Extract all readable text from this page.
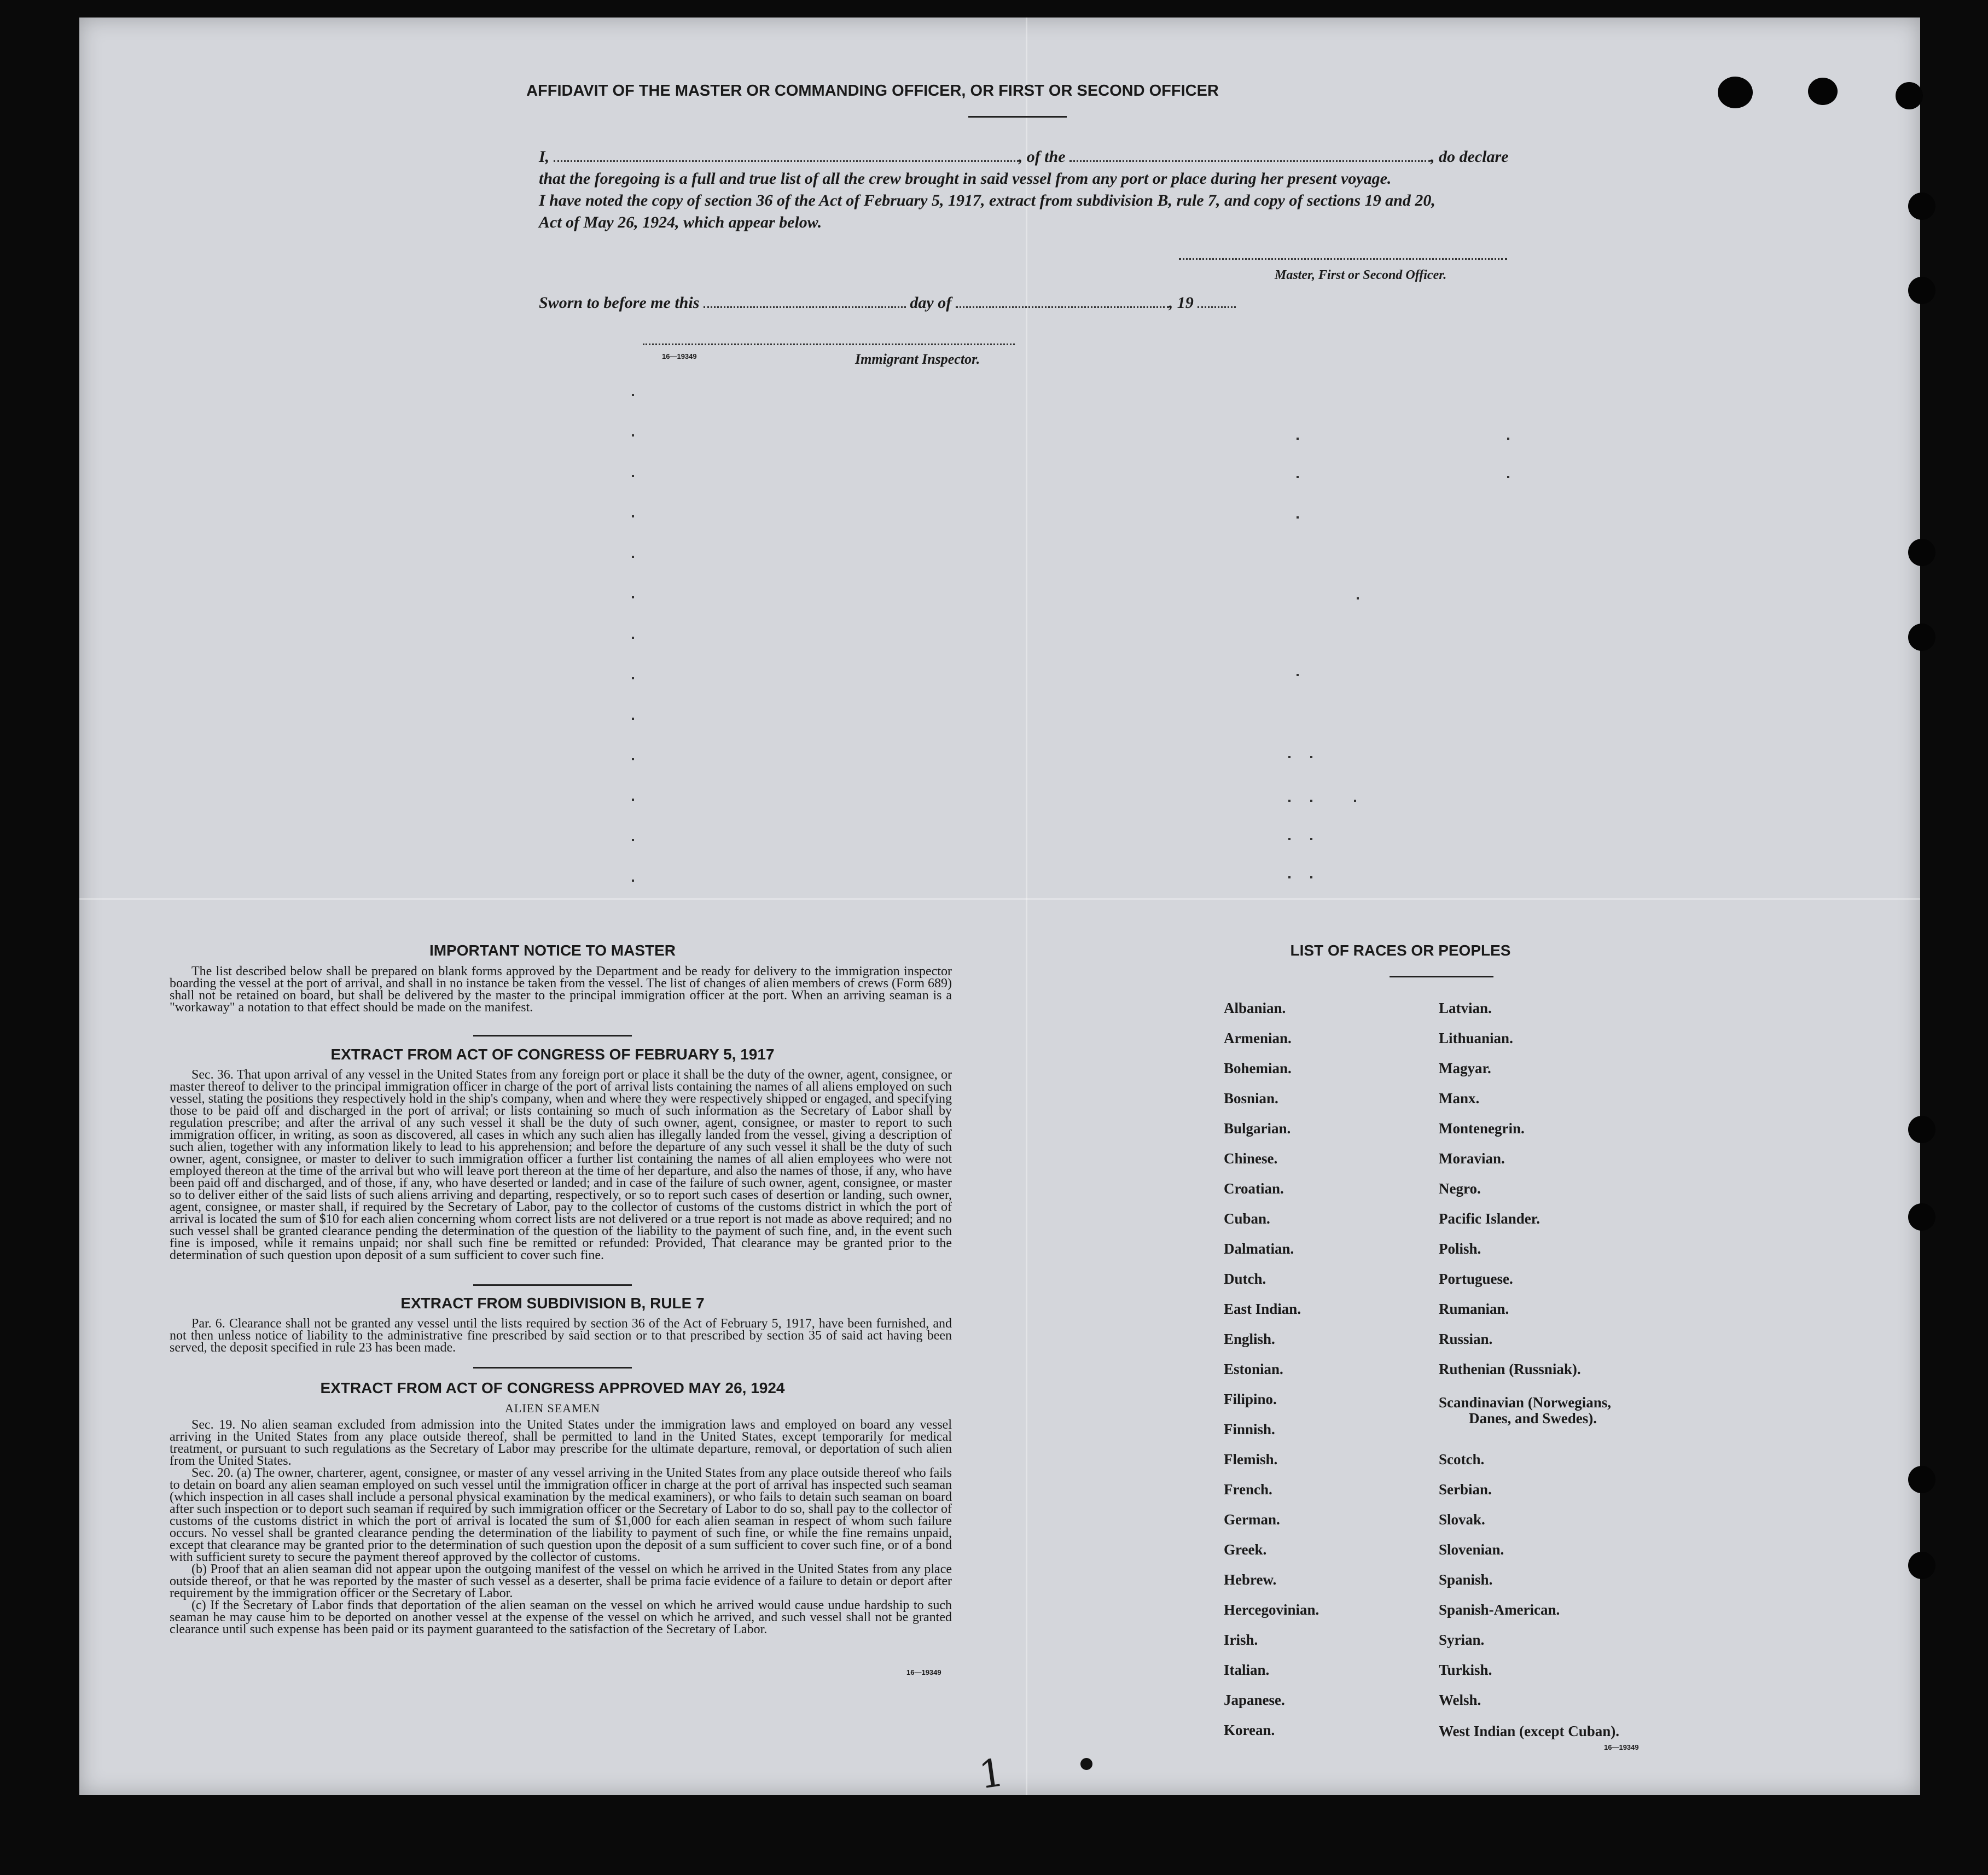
AFFIDAVIT OF THE MASTER OR COMMANDING OFFICER, OR FIRST OR SECOND OFFICER
I,	, of the	, do declare
that the foregoing is a full and true list of all the crew brought in said vessel from any port or place during her present voyage.
I have noted the copy of section 36 of the Act of February 5, 1917, extract from subdivision B, rule 7, and copy of sections 19 and 20,
Act of May 26, 1924, which appear below.
Master, First or Second Officer.
Sworn to before me this	day of	, 19
16—19349	Immigrant Inspector.
IMPORTANT NOTICE TO MASTER
The list described below shall be prepared on blank forms approved by the Department and be ready for delivery to the immigration inspector boarding the vessel at the port of arrival, and shall in no instance be taken from the vessel. The list of changes of alien members of crews (Form 689) shall not be retained on board, but shall be delivered by the master to the principal immigration officer at the port. When an arriving seaman is a "workaway" a notation to that effect should be made on the manifest.
EXTRACT FROM ACT OF CONGRESS OF FEBRUARY 5, 1917
Sec. 36. That upon arrival of any vessel in the United States from any foreign port or place it shall be the duty of the owner, agent, consignee, or master thereof to deliver to the principal immigration officer in charge of the port of arrival lists containing the names of all aliens employed on such vessel, stating the positions they respectively hold in the ship's company, when and where they were respectively shipped or engaged, and specifying those to be paid off and discharged in the port of arrival; or lists containing so much of such information as the Secretary of Labor shall by regulation prescribe; and after the arrival of any such vessel it shall be the duty of such owner, agent, consignee, or master to report to such immigration officer, in writing, as soon as discovered, all cases in which any such alien has illegally landed from the vessel, giving a description of such alien, together with any information likely to lead to his apprehension; and before the departure of any such vessel it shall be the duty of such owner, agent, consignee, or master to deliver to such immigration officer a further list containing the names of all alien employees who were not employed thereon at the time of the arrival but who will leave port thereon at the time of her departure, and also the names of those, if any, who have been paid off and discharged, and of those, if any, who have deserted or landed; and in case of the failure of such owner, agent, consignee, or master so to deliver either of the said lists of such aliens arriving and departing, respectively, or so to report such cases of desertion or landing, such owner, agent, consignee, or master shall, if required by the Secretary of Labor, pay to the collector of customs of the customs district in which the port of arrival is located the sum of $10 for each alien concerning whom correct lists are not delivered or a true report is not made as above required; and no such vessel shall be granted clearance pending the determination of the question of the liability to the payment of such fine, and, in the event such fine is imposed, while it remains unpaid; nor shall such fine be remitted or refunded: Provided, That clearance may be granted prior to the determination of such question upon deposit of a sum sufficient to cover such fine.
EXTRACT FROM SUBDIVISION B, RULE 7
Par. 6. Clearance shall not be granted any vessel until the lists required by section 36 of the Act of February 5, 1917, have been furnished, and not then unless notice of liability to the administrative fine prescribed by said section or to that prescribed by section 35 of said act having been served, the deposit specified in rule 23 has been made.
EXTRACT FROM ACT OF CONGRESS APPROVED MAY 26, 1924
ALIEN SEAMEN
Sec. 19. No alien seaman excluded from admission into the United States under the immigration laws and employed on board any vessel arriving in the United States from any place outside thereof, shall be permitted to land in the United States, except temporarily for medical treatment, or pursuant to such regulations as the Secretary of Labor may prescribe for the ultimate departure, removal, or deportation of such alien from the United States.
Sec. 20. (a) The owner, charterer, agent, consignee, or master of any vessel arriving in the United States from any place outside thereof who fails to detain on board any alien seaman employed on such vessel until the immigration officer in charge at the port of arrival has inspected such seaman (which inspection in all cases shall include a personal physical examination by the medical examiners), or who fails to detain such seaman on board after such inspection or to deport such seaman if required by such immigration officer or the Secretary of Labor to do so, shall pay to the collector of customs of the customs district in which the port of arrival is located the sum of $1,000 for each alien seaman in respect of whom such failure occurs. No vessel shall be granted clearance pending the determination of the liability to payment of such fine, or while the fine remains unpaid, except that clearance may be granted prior to the determination of such question upon the deposit of a sum sufficient to cover such fine, or of a bond with sufficient surety to secure the payment thereof approved by the collector of customs.
(b) Proof that an alien seaman did not appear upon the outgoing manifest of the vessel on which he arrived in the United States from any place outside thereof, or that he was reported by the master of such vessel as a deserter, shall be prima facie evidence of a failure to detain or deport after requirement by the immigration officer or the Secretary of Labor.
(c) If the Secretary of Labor finds that deportation of the alien seaman on the vessel on which he arrived would cause undue hardship to such seaman he may cause him to be deported on another vessel at the expense of the vessel on which he arrived, and such vessel shall not be granted clearance until such expense has been paid or its payment guaranteed to the satisfaction of the Secretary of Labor.
16—19349
LIST OF RACES OR PEOPLES
Albanian.
Armenian.
Bohemian.
Bosnian.
Bulgarian.
Chinese.
Croatian.
Cuban.
Dalmatian.
Dutch.
East Indian.
English.
Estonian.
Filipino.
Finnish.
Flemish.
French.
German.
Greek.
Hebrew.
Hercegovinian.
Irish.
Italian.
Japanese.
Korean.
Latvian.
Lithuanian.
Magyar.
Manx.
Montenegrin.
Moravian.
Negro.
Pacific Islander.
Polish.
Portuguese.
Rumanian.
Russian.
Ruthenian (Russniak).
Scandinavian (Norwegians,
Danes, and Swedes).
Scotch.
Serbian.
Slovak.
Slovenian.
Spanish.
Spanish-American.
Syrian.
Turkish.
Welsh.
West Indian (except Cuban).
16—19349
1
